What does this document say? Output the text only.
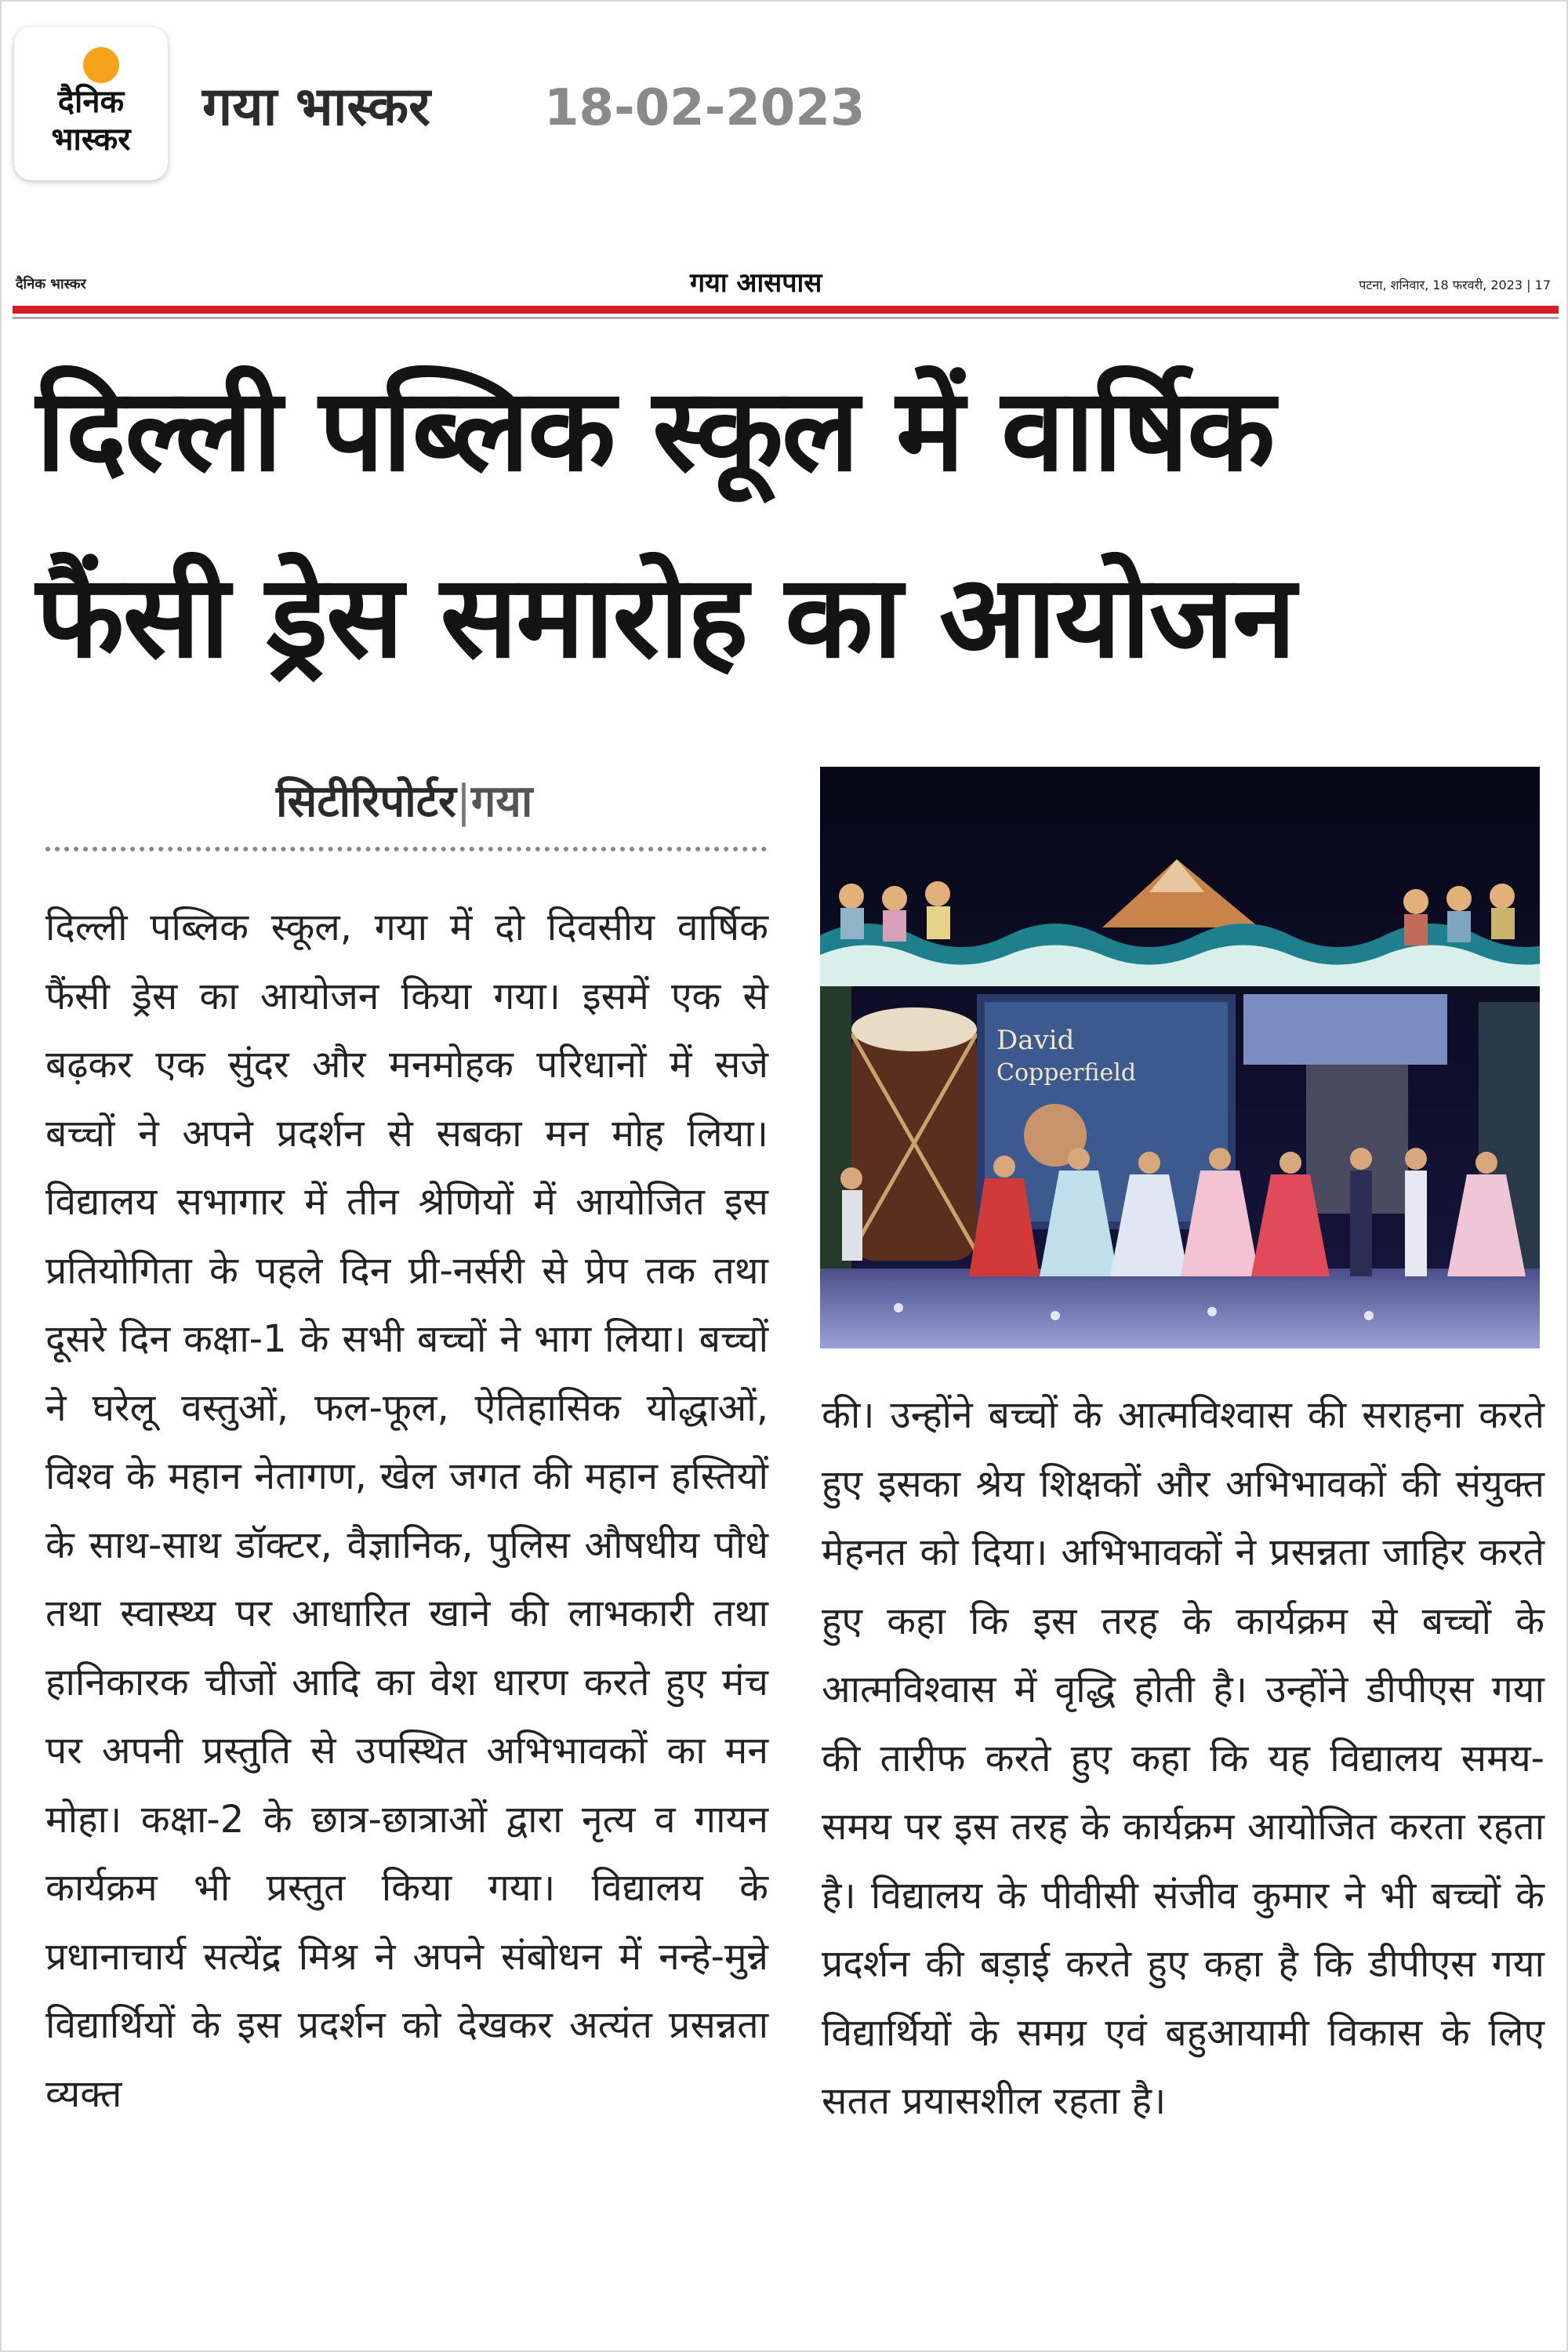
दैनिक
भास्कर
गया भास्कर 18-02-2023
दैनिक भास्कर	गया आसपास	पटना, शनिवार, 18 फरवरी, 2023 | 17
दिल्ली पब्लिक स्कूल में वार्षिक
फैंसी ड्रेस समारोह का आयोजन
सिटीरिपोर्टर|गया

दिल्ली पब्लिक स्कूल, गया में दो दिवसीय वार्षिक फैंसी ड्रेस का आयोजन किया गया। इसमें एक से बढ़कर एक सुंदर और मनमोहक परिधानों में सजे बच्चों ने अपने प्रदर्शन से सबका मन मोह लिया। विद्यालय सभागार में तीन श्रेणियों में आयोजित इस प्रतियोगिता के पहले दिन प्री-नर्सरी से प्रेप तक तथा दूसरे दिन कक्षा-1 के सभी बच्चों ने भाग लिया। बच्चों ने घरेलू वस्तुओं, फल-फूल, ऐतिहासिक योद्धाओं, विश्व के महान नेतागण, खेल जगत की महान हस्तियों के साथ-साथ डॉक्टर, वैज्ञानिक, पुलिस औषधीय पौधे तथा स्वास्थ्य पर आधारित खाने की लाभकारी तथा हानिकारक चीजों आदि का वेश धारण करते हुए मंच पर अपनी प्रस्तुति से उपस्थित अभिभावकों का मन मोहा। कक्षा-2 के छात्र-छात्राओं द्वारा नृत्य व गायन कार्यक्रम भी प्रस्तुत किया गया। विद्यालय के प्रधानाचार्य सत्येंद्र मिश्र ने अपने संबोधन में नन्हे-मुन्ने विद्यार्थियों के इस प्रदर्शन को देखकर अत्यंत प्रसन्नता व्यक्त

David
Copperfield

की। उन्होंने बच्चों के आत्मविश्वास की सराहना करते हुए इसका श्रेय शिक्षकों और अभिभावकों की संयुक्त मेहनत को दिया। अभिभावकों ने प्रसन्नता जाहिर करते हुए कहा कि इस तरह के कार्यक्रम से बच्चों के आत्मविश्वास में वृद्धि होती है। उन्होंने डीपीएस गया की तारीफ करते हुए कहा कि यह विद्यालय समय-समय पर इस तरह के कार्यक्रम आयोजित करता रहता है। विद्यालय के पीवीसी संजीव कुमार ने भी बच्चों के प्रदर्शन की बड़ाई करते हुए कहा है कि डीपीएस गया विद्यार्थियों के समग्र एवं बहुआयामी विकास के लिए सतत प्रयासशील रहता है।
